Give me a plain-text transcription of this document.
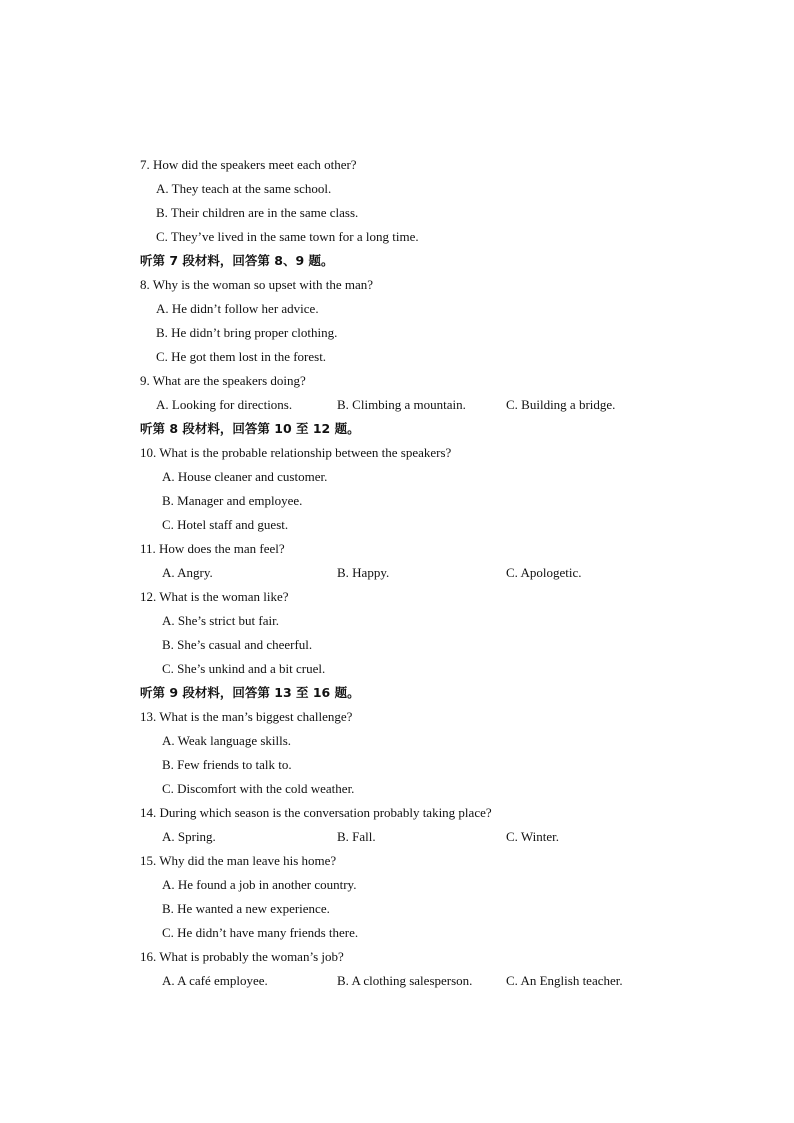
7. How did the speakers meet each other?
A. They teach at the same school.
B. Their children are in the same class.
C. They’ve lived in the same town for a long time.
听第 7 段材料，回答第 8、9 题。
8. Why is the woman so upset with the man?
A. He didn’t follow her advice.
B. He didn’t bring proper clothing.
C. He got them lost in the forest.
9. What are the speakers doing?
A. Looking for directions.	B. Climbing a mountain.	C. Building a bridge.
听第 8 段材料，回答第 10 至 12 题。
10. What is the probable relationship between the speakers?
A. House cleaner and customer.
B. Manager and employee.
C. Hotel staff and guest.
11. How does the man feel?
A. Angry.	B. Happy.	C. Apologetic.
12. What is the woman like?
A. She’s strict but fair.
B. She’s casual and cheerful.
C. She’s unkind and a bit cruel.
听第 9 段材料，回答第 13 至 16 题。
13. What is the man’s biggest challenge?
A. Weak language skills.
B. Few friends to talk to.
C. Discomfort with the cold weather.
14. During which season is the conversation probably taking place?
A. Spring.	B. Fall.	C. Winter.
15. Why did the man leave his home?
A. He found a job in another country.
B. He wanted a new experience.
C. He didn’t have many friends there.
16. What is probably the woman’s job?
A. A café employee.	B. A clothing salesperson.	C. An English teacher.
